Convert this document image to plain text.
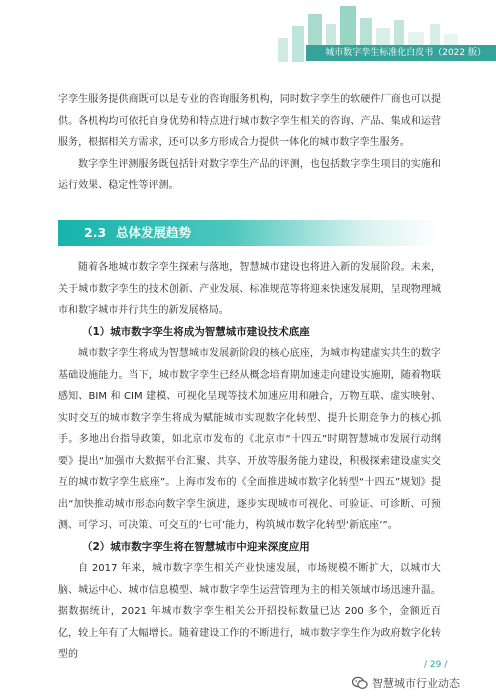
城市数字孪生标准化白皮书（2022 版）

字孪生服务提供商既可以是专业的咨询服务机构，同时数字孪生的软硬件厂商也可以提供。各机构均可依托自身优势和特点进行城市数字孪生相关的咨询、产品、集成和运营服务，根据相关方需求，还可以多方形成合力提供一体化的城市数字孪生服务。

数字孪生评测服务既包括针对数字孪生产品的评测，也包括数字孪生项目的实施和运行效果、稳定性等评测。

2.3 总体发展趋势

随着各地城市数字孪生探索与落地，智慧城市建设也将进入新的发展阶段。未来，关于城市数字孪生的技术创新、产业发展、标准规范等将迎来快速发展期，呈现物理城市和数字城市并行共生的新发展格局。

（1）城市数字孪生将成为智慧城市建设技术底座

城市数字孪生将成为智慧城市发展新阶段的核心底座，为城市构建虚实共生的数字基础设施能力。当下，城市数字孪生已经从概念培育期加速走向建设实施期，随着物联感知、BIM 和 CIM 建模、可视化呈现等技术加速应用和融合，万物互联、虚实映射、实时交互的城市数字孪生将成为赋能城市实现数字化转型、提升长期竞争力的核心抓手。多地出台指导政策，如北京市发布的《北京市“十四五”时期智慧城市发展行动纲要》提出“加强市大数据平台汇聚、共享、开放等服务能力建设，积极探索建设虚实交互的城市数字孪生底座”。上海市发布的《全面推进城市数字化转型“十四五”规划》提出“加快推动城市形态向数字孪生演进，逐步实现城市可视化、可验证、可诊断、可预测、可学习、可决策、可交互的‘七可’能力，构筑城市数字化转型‘新底座’”。

（2）城市数字孪生将在智慧城市中迎来深度应用

自 2017 年来，城市数字孪生相关产业快速发展，市场规模不断扩大，以城市大脑、城运中心、城市信息模型、城市数字孪生运营管理为主的相关领域市场迅速升温。据数据统计，2021 年城市数字孪生相关公开招投标数量已达 200 多个，金额近百亿，较上年有了大幅增长。随着建设工作的不断进行，城市数字孪生作为政府数字化转型的

/ 29 /
智慧城市行业动态
